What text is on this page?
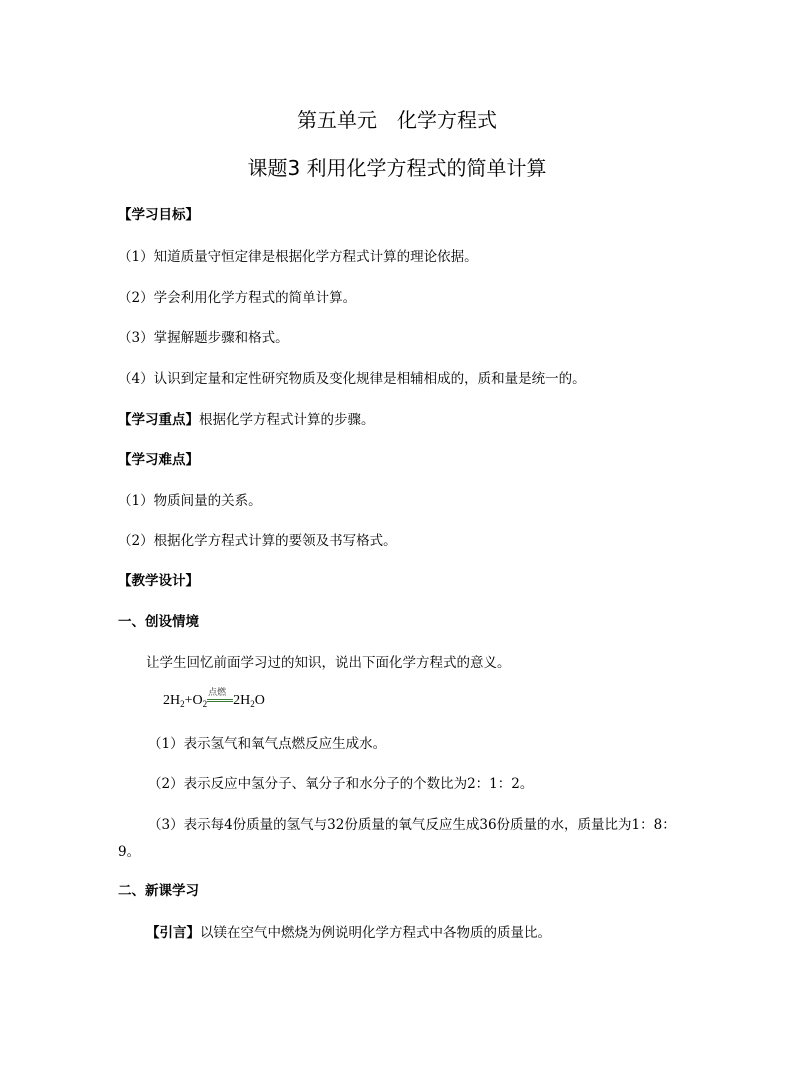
第五单元　化学方程式
课题3 利用化学方程式的简单计算
【学习目标】
（1）知道质量守恒定律是根据化学方程式计算的理论依据。
（2）学会利用化学方程式的简单计算。
（3）掌握解题步骤和格式。
（4）认识到定量和定性研究物质及变化规律是相辅相成的，质和量是统一的。
【学习重点】根据化学方程式计算的步骤。
【学习难点】
（1）物质间量的关系。
（2）根据化学方程式计算的要领及书写格式。
【教学设计】
一、创设情境
让学生回忆前面学习过的知识，说出下面化学方程式的意义。
$2H_2+O_2$
点燃 $2H_2O$
（1）表示氢气和氧气点燃反应生成水。
（2）表示反应中氢分子、氧分子和水分子的个数比为2：1：2。
（3）表示每4份质量的氢气与32份质量的氧气反应生成36份质量的水，质量比为1：8：
9。
二、新课学习
【引言】以镁在空气中燃烧为例说明化学方程式中各物质的质量比。
